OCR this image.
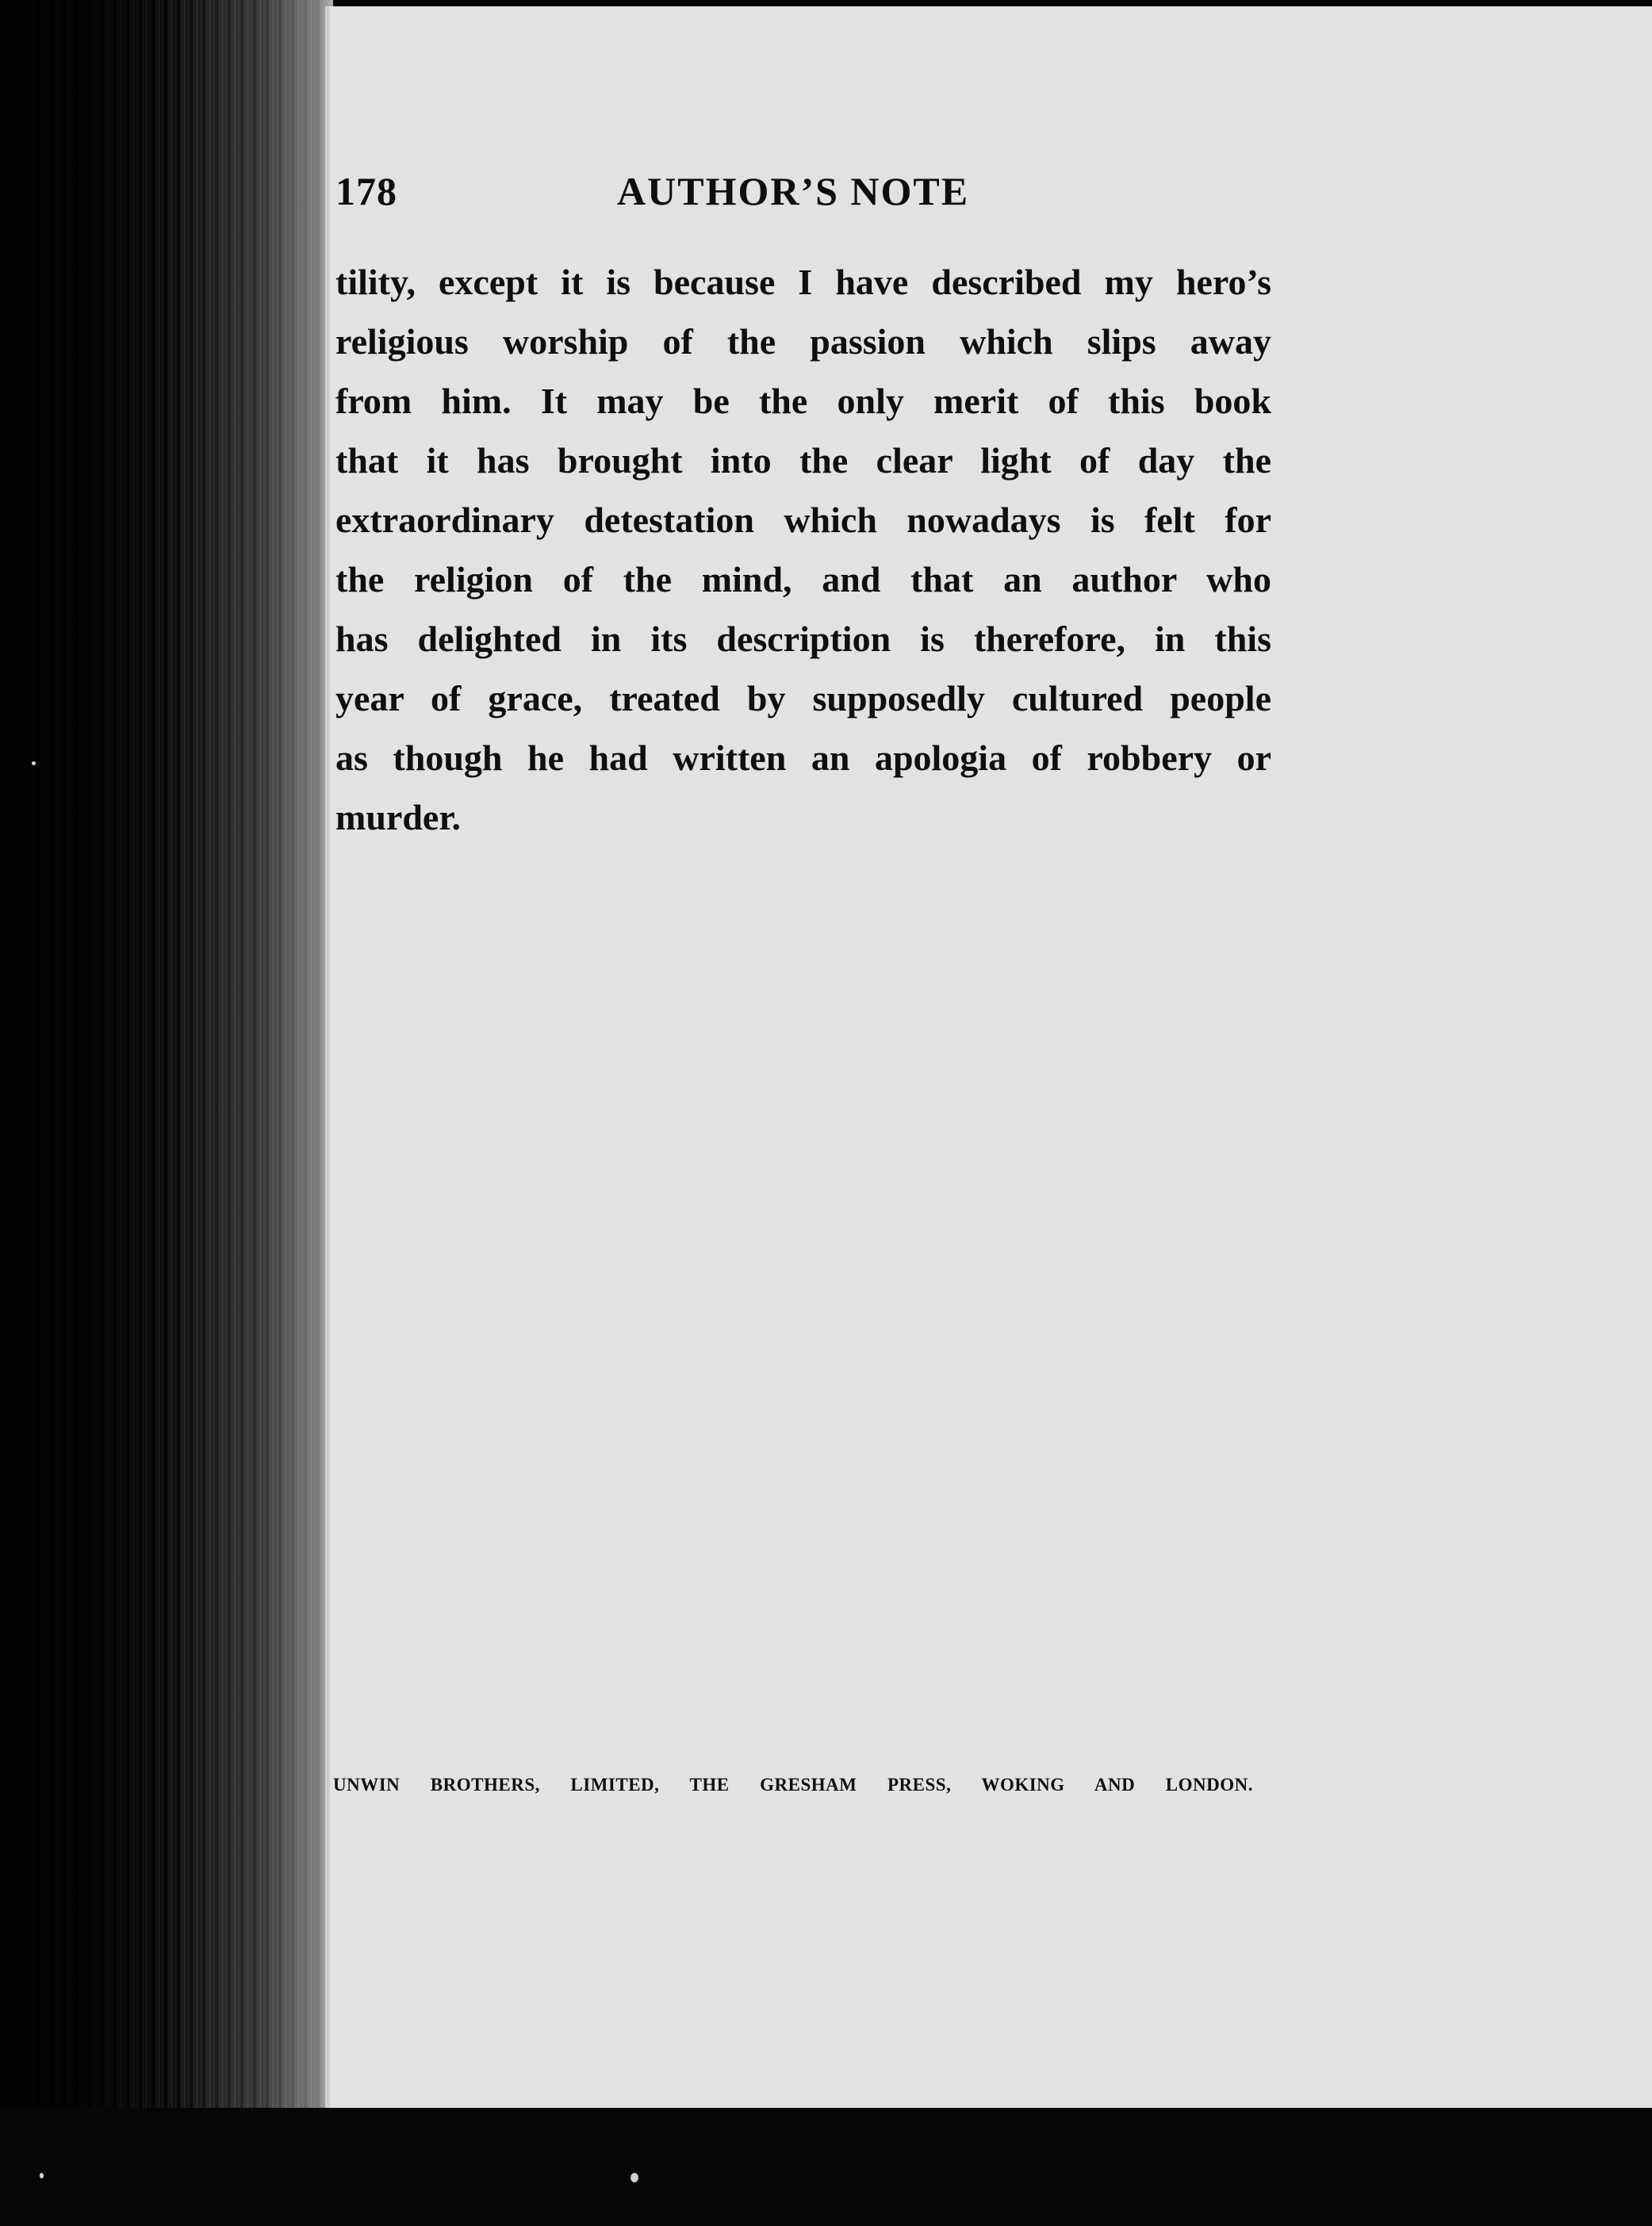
178	AUTHOR’S NOTE
tility, except it is because I have described my hero’s
religious worship of the passion which slips away
from him. It may be the only merit of this book
that it has brought into the clear light of day the
extraordinary detestation which nowadays is felt for
the religion of the mind, and that an author who
has delighted in its description is therefore, in this
year of grace, treated by supposedly cultured people
as though he had written an apologia of robbery or
murder.
UNWIN BROTHERS, LIMITED, THE GRESHAM PRESS, WOKING AND LONDON.
